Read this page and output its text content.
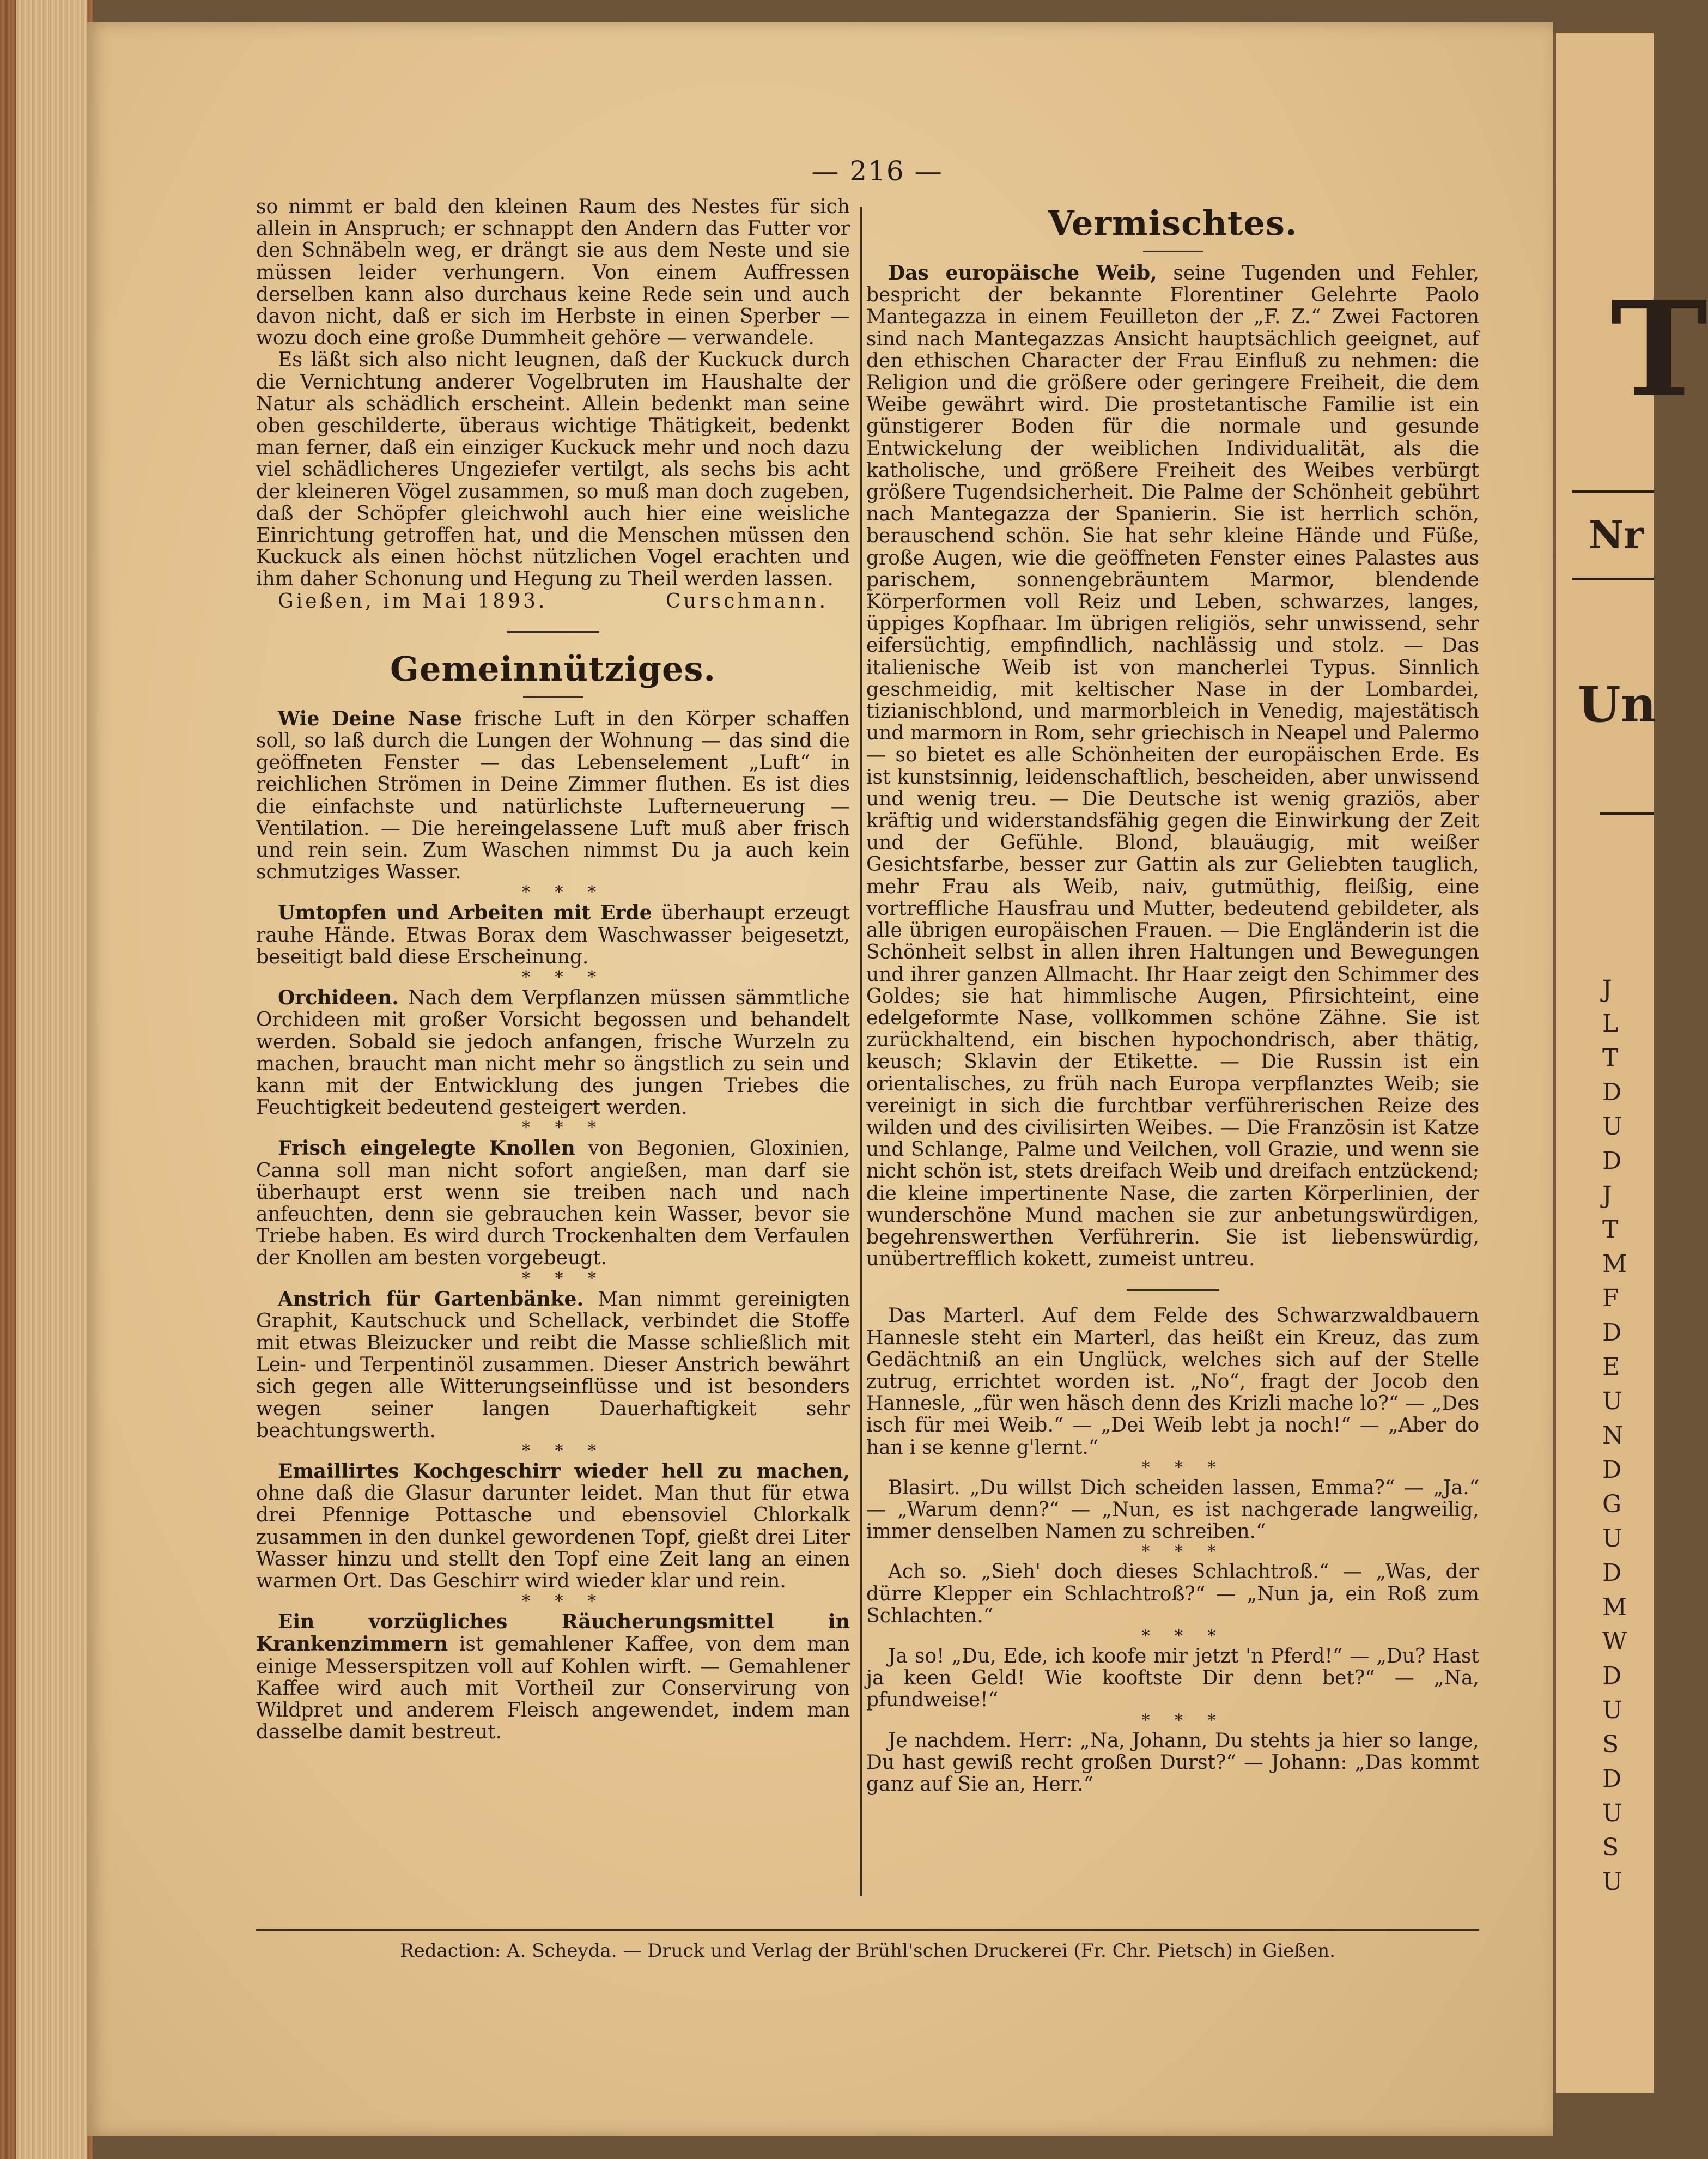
T
Nr
Un
J
L
T
D
U
D
J
T
M
F
D
E
U
N
D
G
U
D
M
W
D
U
S
D
U
S
U
— 216 —

so nimmt er bald den kleinen Raum des Nestes für sich allein in Anspruch; er schnappt den Andern das Futter vor den Schnäbeln weg, er drängt sie aus dem Neste und sie müssen leider verhungern. Von einem Auffressen derselben kann also durchaus keine Rede sein und auch davon nicht, daß er sich im Herbste in einen Sperber — wozu doch eine große Dummheit gehöre — verwandele.

Es läßt sich also nicht leugnen, daß der Kuckuck durch die Vernichtung anderer Vogelbruten im Haushalte der Natur als schädlich erscheint. Allein bedenkt man seine oben geschilderte, überaus wichtige Thätigkeit, bedenkt man ferner, daß ein einziger Kuckuck mehr und noch dazu viel schädlicheres Ungeziefer vertilgt, als sechs bis acht der kleineren Vögel zusammen, so muß man doch zugeben, daß der Schöpfer gleichwohl auch hier eine weisliche Einrichtung getroffen hat, und die Menschen müssen den Kuckuck als einen höchst nützlichen Vogel erachten und ihm daher Schonung und Hegung zu Theil werden lassen.

Gießen, im Mai 1893.	Curschmann.
Gemeinnütziges.

Wie Deine Nase frische Luft in den Körper schaffen soll, so laß durch die Lungen der Wohnung — das sind die geöffneten Fenster — das Lebenselement „Luft“ in reichlichen Strömen in Deine Zimmer fluthen. Es ist dies die einfachste und natürlichste Lufterneuerung — Ventilation. — Die hereingelassene Luft muß aber frisch und rein sein. Zum Waschen nimmst Du ja auch kein schmutziges Wasser.

* * *

Umtopfen und Arbeiten mit Erde überhaupt erzeugt rauhe Hände. Etwas Borax dem Waschwasser beigesetzt, beseitigt bald diese Erscheinung.

* * *

Orchideen. Nach dem Verpflanzen müssen sämmtliche Orchideen mit großer Vorsicht begossen und behandelt werden. Sobald sie jedoch anfangen, frische Wurzeln zu machen, braucht man nicht mehr so ängstlich zu sein und kann mit der Entwicklung des jungen Triebes die Feuchtigkeit bedeutend gesteigert werden.

* * *

Frisch eingelegte Knollen von Begonien, Gloxinien, Canna soll man nicht sofort angießen, man darf sie überhaupt erst wenn sie treiben nach und nach anfeuchten, denn sie gebrauchen kein Wasser, bevor sie Triebe haben. Es wird durch Trockenhalten dem Verfaulen der Knollen am besten vorgebeugt.

* * *

Anstrich für Gartenbänke. Man nimmt gereinigten Graphit, Kautschuck und Schellack, verbindet die Stoffe mit etwas Bleizucker und reibt die Masse schließlich mit Lein- und Terpentinöl zusammen. Dieser Anstrich bewährt sich gegen alle Witterungseinflüsse und ist besonders wegen seiner langen Dauerhaftigkeit sehr beachtungswerth.

* * *

Emaillirtes Kochgeschirr wieder hell zu machen, ohne daß die Glasur darunter leidet. Man thut für etwa drei Pfennige Pottasche und ebensoviel Chlorkalk zusammen in den dunkel gewordenen Topf, gießt drei Liter Wasser hinzu und stellt den Topf eine Zeit lang an einen warmen Ort. Das Geschirr wird wieder klar und rein.

* * *

Ein vorzügliches Räucherungsmittel in Krankenzimmern ist gemahlener Kaffee, von dem man einige Messerspitzen voll auf Kohlen wirft. — Gemahlener Kaffee wird auch mit Vortheil zur Conservirung von Wildpret und anderem Fleisch angewendet, indem man dasselbe damit bestreut.

Vermischtes.

Das europäische Weib, seine Tugenden und Fehler, bespricht der bekannte Florentiner Gelehrte Paolo Mantegazza in einem Feuilleton der „F. Z.“ Zwei Factoren sind nach Mantegazzas Ansicht hauptsächlich geeignet, auf den ethischen Character der Frau Einfluß zu nehmen: die Religion und die größere oder geringere Freiheit, die dem Weibe gewährt wird. Die prostetantische Familie ist ein günstigerer Boden für die normale und gesunde Entwickelung der weiblichen Individualität, als die katholische, und größere Freiheit des Weibes verbürgt größere Tugendsicherheit. Die Palme der Schönheit gebührt nach Mantegazza der Spanierin. Sie ist herrlich schön, berauschend schön. Sie hat sehr kleine Hände und Füße, große Augen, wie die geöffneten Fenster eines Palastes aus parischem, sonnengebräuntem Marmor, blendende Körperformen voll Reiz und Leben, schwarzes, langes, üppiges Kopfhaar. Im übrigen religiös, sehr unwissend, sehr eifersüchtig, empfindlich, nachlässig und stolz. — Das italienische Weib ist von mancherlei Typus. Sinnlich geschmeidig, mit keltischer Nase in der Lombardei, tizianischblond, und marmorbleich in Venedig, majestätisch und marmorn in Rom, sehr griechisch in Neapel und Palermo — so bietet es alle Schönheiten der europäischen Erde. Es ist kunstsinnig, leidenschaftlich, bescheiden, aber unwissend und wenig treu. — Die Deutsche ist wenig graziös, aber kräftig und widerstandsfähig gegen die Einwirkung der Zeit und der Gefühle. Blond, blauäugig, mit weißer Gesichtsfarbe, besser zur Gattin als zur Geliebten tauglich, mehr Frau als Weib, naiv, gutmüthig, fleißig, eine vortreffliche Hausfrau und Mutter, bedeutend gebildeter, als alle übrigen europäischen Frauen. — Die Engländerin ist die Schönheit selbst in allen ihren Haltungen und Bewegungen und ihrer ganzen Allmacht. Ihr Haar zeigt den Schimmer des Goldes; sie hat himmlische Augen, Pfirsichteint, eine edelgeformte Nase, vollkommen schöne Zähne. Sie ist zurückhaltend, ein bischen hypochondrisch, aber thätig, keusch; Sklavin der Etikette. — Die Russin ist ein orientalisches, zu früh nach Europa verpflanztes Weib; sie vereinigt in sich die furchtbar verführerischen Reize des wilden und des civilisirten Weibes. — Die Französin ist Katze und Schlange, Palme und Veilchen, voll Grazie, und wenn sie nicht schön ist, stets dreifach Weib und dreifach entzückend; die kleine impertinente Nase, die zarten Körperlinien, der wunderschöne Mund machen sie zur anbetungswürdigen, begehrenswerthen Verführerin. Sie ist liebenswürdig, unübertrefflich kokett, zumeist untreu.

Das Marterl. Auf dem Felde des Schwarzwaldbauern Hannesle steht ein Marterl, das heißt ein Kreuz, das zum Gedächtniß an ein Unglück, welches sich auf der Stelle zutrug, errichtet worden ist. „No“, fragt der Jocob den Hannesle, „für wen häsch denn des Krizli mache lo?“ — „Des isch für mei Weib.“ — „Dei Weib lebt ja noch!“ — „Aber do han i se kenne g'lernt.“

* * *

Blasirt. „Du willst Dich scheiden lassen, Emma?“ — „Ja.“ — „Warum denn?“ — „Nun, es ist nachgerade langweilig, immer denselben Namen zu schreiben.“

* * *

Ach so. „Sieh' doch dieses Schlachtroß.“ — „Was, der dürre Klepper ein Schlachtroß?“ — „Nun ja, ein Roß zum Schlachten.“

* * *

Ja so! „Du, Ede, ich koofe mir jetzt 'n Pferd!“ — „Du? Hast ja keen Geld! Wie kooftste Dir denn bet?“ — „Na, pfundweise!“

* * *

Je nachdem. Herr: „Na, Johann, Du stehts ja hier so lange, Du hast gewiß recht großen Durst?“ — Johann: „Das kommt ganz auf Sie an, Herr.“

Redaction: A. Scheyda. — Druck und Verlag der Brühl'schen Druckerei (Fr. Chr. Pietsch) in Gießen.
